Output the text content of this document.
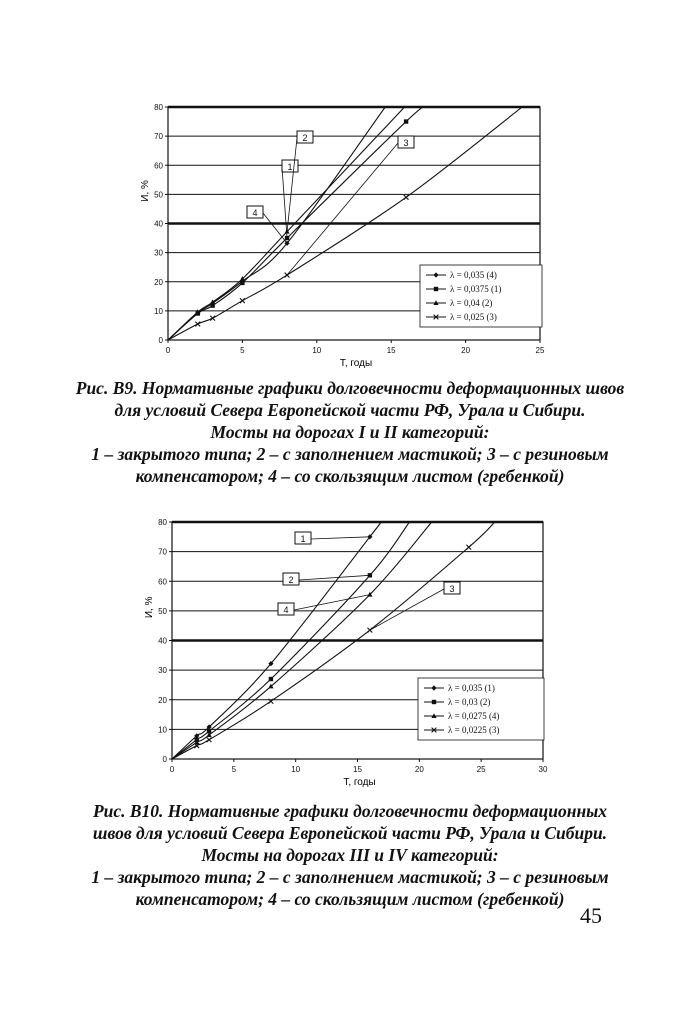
0
10
20
30
40
50
60
70
80
0	5	10	15	20	25
T, годы
И, %
4
1
2	3
λ = 0,035 (4)
λ = 0,0375 (1)
λ = 0,04 (2)
λ = 0,025 (3)
Рис. В9. Нормативные графики долговечности деформационных швов
для условий Севера Европейской части РФ, Урала и Сибири.
Мосты на дорогах I и II категорий:
1 – закрытого типа; 2 – с заполнением мастикой; 3 – с резиновым
компенсатором; 4 – со скользящим листом (гребенкой)
0
10
20
30
40
50
60
70
80
0	5	10	15	20	25	30
T, годы
И, %
1
2
4
3
λ = 0,035 (1)
λ = 0,03 (2)
λ = 0,0275 (4)
λ = 0,0225 (3)
Рис. В10. Нормативные графики долговечности деформационных
швов для условий Севера Европейской части РФ, Урала и Сибири.
Мосты на дорогах III и IV категорий:
1 – закрытого типа; 2 – с заполнением мастикой; 3 – с резиновым
компенсатором; 4 – со скользящим листом (гребенкой)
45
